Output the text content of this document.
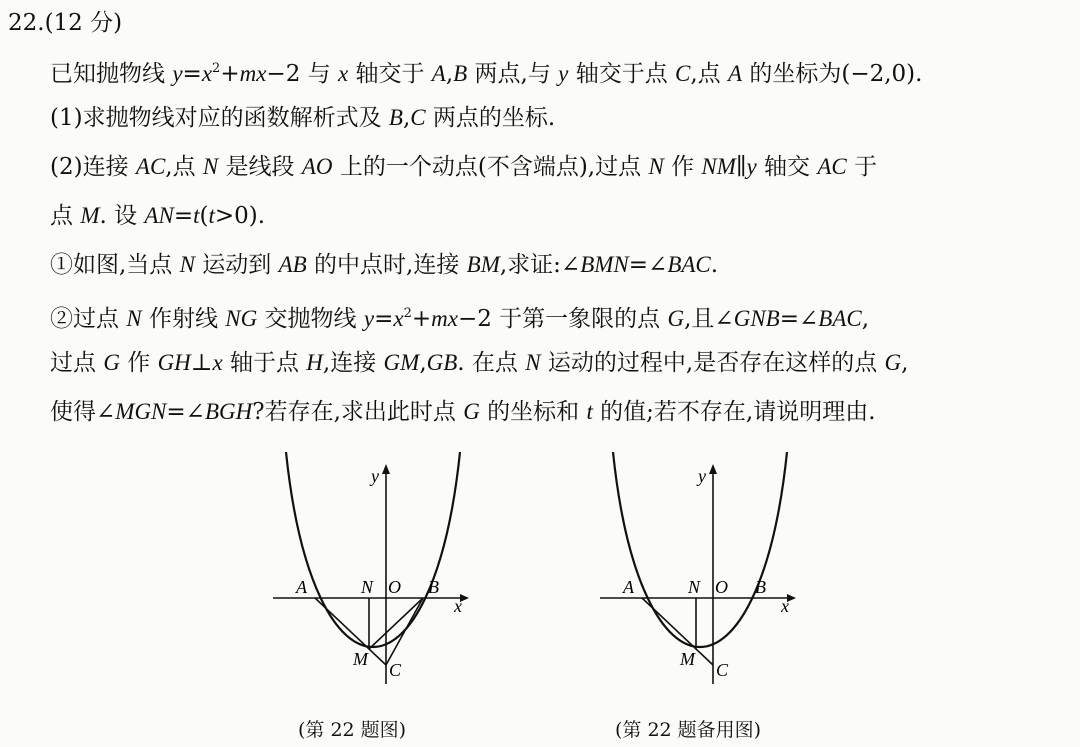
22.(12 分)
已知抛物线 $y=x^2+mx-2$ 与 x 轴交于 A,B 两点,与 y 轴交于点 C,点 A 的坐标为(−2,0).
(1)求抛物线对应的函数解析式及 B,C 两点的坐标.
(2)连接 AC,点 N 是线段 AO 上的一个动点(不含端点),过点 N 作 NM∥y 轴交 AC 于
点 M. 设 AN=t(t>0).
①如图,当点 N 运动到 AB 的中点时,连接 BM,求证:∠BMN=∠BAC.
②过点 N 作射线 NG 交抛物线 $y=x^2+mx-2$ 于第一象限的点 G,且∠GNB=∠BAC,
过点 G 作 GH⊥x 轴于点 H,连接 GM,GB. 在点 N 运动的过程中,是否存在这样的点 G,
使得∠MGN=∠BGH?若存在,求出此时点 G 的坐标和 t 的值;若不存在,请说明理由.
y
x
A	N O B
M
C
(第 22 题图)
y
x
A	N O B
M
C
(第 22 题备用图)
